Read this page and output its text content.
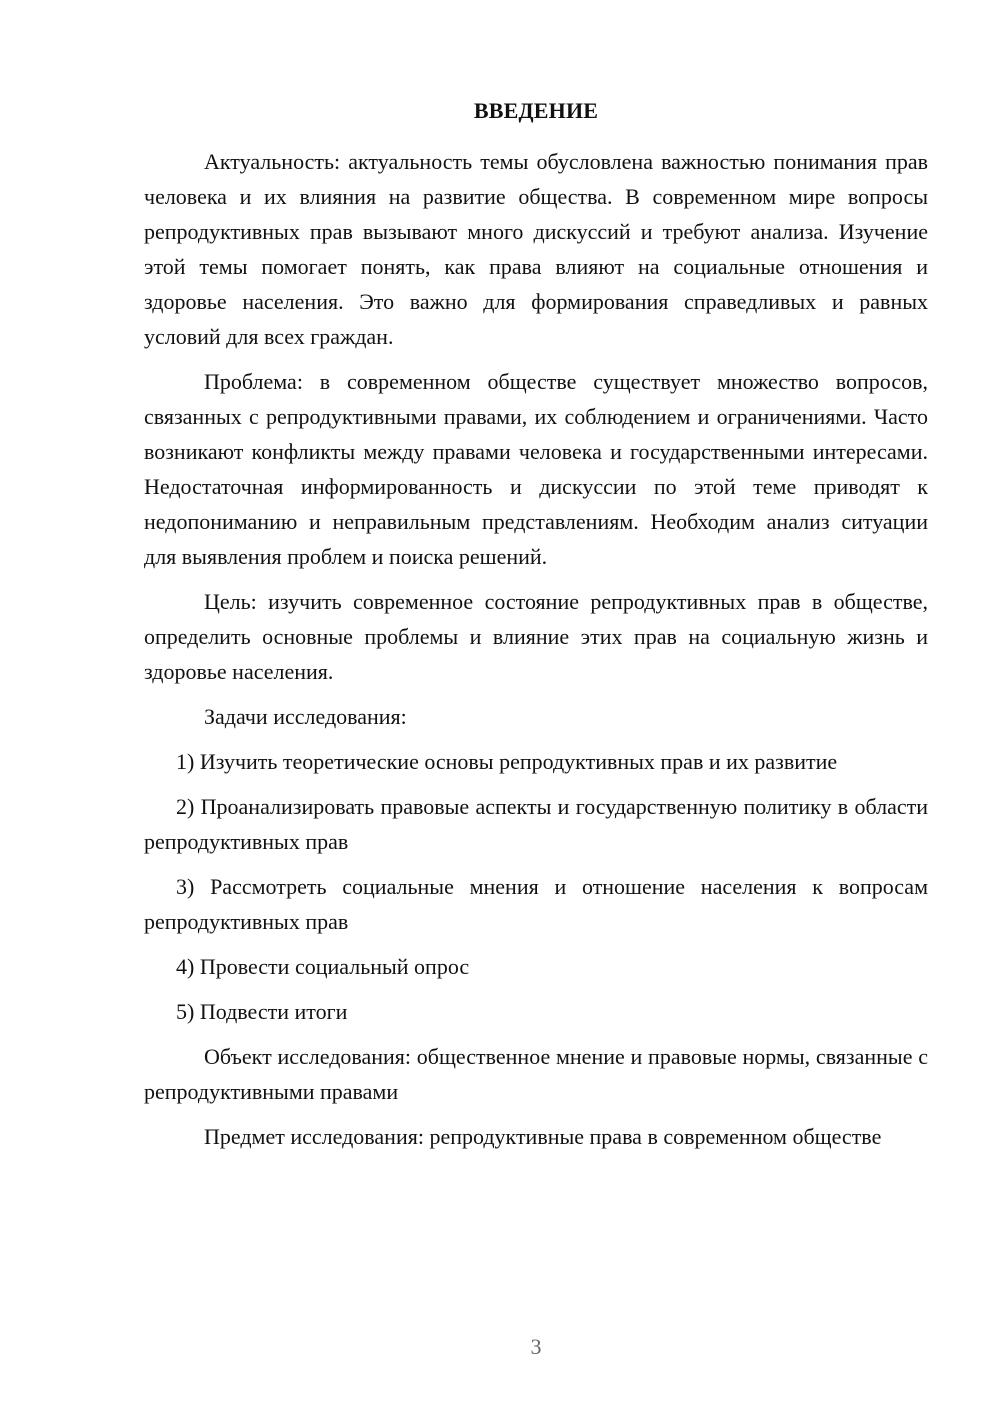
ВВЕДЕНИЕ

Актуальность: актуальность темы обусловлена важностью понимания прав человека и их влияния на развитие общества. В современном мире вопросы репродуктивных прав вызывают много дискуссий и требуют анализа. Изучение этой темы помогает понять, как права влияют на социальные отношения и здоровье населения. Это важно для формирования справедливых и равных условий для всех граждан.

Проблема: в современном обществе существует множество вопросов, связанных с репродуктивными правами, их соблюдением и ограничениями. Часто возникают конфликты между правами человека и государственными интересами. Недостаточная информированность и дискуссии по этой теме приводят к недопониманию и неправильным представлениям. Необходим анализ ситуации для выявления проблем и поиска решений.

Цель: изучить современное состояние репродуктивных прав в обществе, определить основные проблемы и влияние этих прав на социальную жизнь и здоровье населения.

Задачи исследования:

1) Изучить теоретические основы репродуктивных прав и их развитие

2) Проанализировать правовые аспекты и государственную политику в области репродуктивных прав

3) Рассмотреть социальные мнения и отношение населения к вопросам репродуктивных прав

4) Провести социальный опрос

5) Подвести итоги

Объект исследования: общественное мнение и правовые нормы, связанные с репродуктивными правами

Предмет исследования: репродуктивные права в современном обществе

3
